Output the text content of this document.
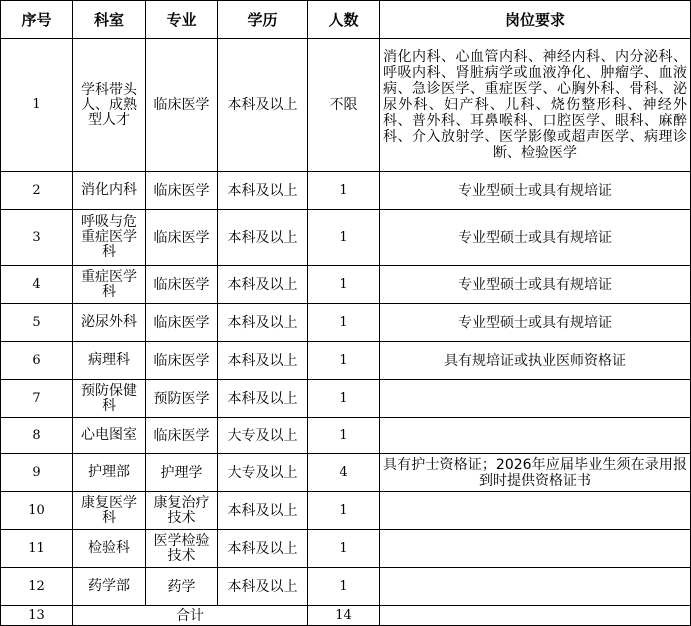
序号	科室	专业	学历	人数	岗位要求
1	学科带头人、成熟型人才	临床医学	本科及以上	不限	消化内科、心血管内科、神经内科、内分泌科、呼吸内科、肾脏病学或血液净化、肿瘤学、血液病、急诊医学、重症医学、心胸外科、骨科、泌尿外科、妇产科、儿科、烧伤整形科、神经外科、普外科、耳鼻喉科、口腔医学、眼科、麻醉科、介入放射学、医学影像或超声医学、病理诊断、检验医学
2	消化内科	临床医学	本科及以上	1	专业型硕士或具有规培证
3	呼吸与危重症医学科	临床医学	本科及以上	1	专业型硕士或具有规培证
4	重症医学科	临床医学	本科及以上	1	专业型硕士或具有规培证
5	泌尿外科	临床医学	本科及以上	1	专业型硕士或具有规培证
6	病理科	临床医学	本科及以上	1	具有规培证或执业医师资格证
7	预防保健科	预防医学	本科及以上	1	
8	心电图室	临床医学	大专及以上	1	
9	护理部	护理学	大专及以上	4	具有护士资格证；2026年应届毕业生须在录用报到时提供资格证书
10	康复医学科	康复治疗技术	本科及以上	1	
11	检验科	医学检验技术	本科及以上	1	
12	药学部	药学	本科及以上	1	
13	合计			14	
